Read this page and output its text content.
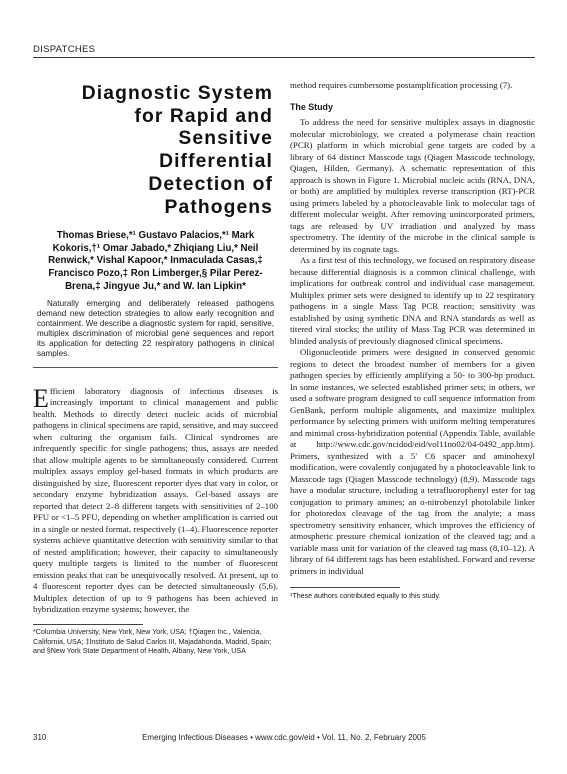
DISPATCHES
Diagnostic System
for Rapid and
Sensitive
Differential
Detection of
Pathogens
Thomas Briese,*¹ Gustavo Palacios,*¹ Mark Kokoris,†¹ Omar Jabado,* Zhiqiang Liu,* Neil Renwick,* Vishal Kapoor,* Inmaculada Casas,‡ Francisco Pozo,‡ Ron Limberger,§ Pilar Perez-Brena,‡ Jingyue Ju,* and W. Ian Lipkin*
Naturally emerging and deliberately released pathogens demand new detection strategies to allow early recognition and containment. We describe a diagnostic system for rapid, sensitive, multiplex discrimination of microbial gene sequences and report its application for detecting 22 respiratory pathogens in clinical samples.

Efficient laboratory diagnosis of infectious diseases is increasingly important to clinical management and public health. Methods to directly detect nucleic acids of microbial pathogens in clinical specimens are rapid, sensitive, and may succeed when culturing the organism fails. Clinical syndromes are infrequently specific for single pathogens; thus, assays are needed that allow multiple agents to be simultaneously considered. Current multiplex assays employ gel-based formats in which products are distinguished by size, fluorescent reporter dyes that vary in color, or secondary enzyme hybridization assays. Gel-based assays are reported that detect 2–8 different targets with sensitivities of 2–100 PFU or <1–5 PFU, depending on whether amplification is carried out in a single or nested format, respectively (1–4). Fluorescence reporter systems achieve quantitative detection with sensitivity similar to that of nested amplification; however, their capacity to simultaneously query multiple targets is limited to the number of fluorescent emission peaks that can be unequivocally resolved. At present, up to 4 fluorescent reporter dyes can be detected simultaneously (5,6). Multiplex detection of up to 9 pathogens has been achieved in hybridization enzyme systems; however, the

*Columbia University, New York, New York, USA; †Qiagen Inc., Valencia, California, USA; ‡Instituto de Salud Carlos III, Majadahonda, Madrid, Spain; and §New York State Department of Health, Albany, New York, USA

method requires cumbersome postamplification processing (7).

The Study

To address the need for sensitive multiplex assays in diagnostic molecular microbiology, we created a polymerase chain reaction (PCR) platform in which microbial gene targets are coded by a library of 64 distinct Masscode tags (Qiagen Masscode technology, Qiagen, Hilden, Germany). A schematic representation of this approach is shown in Figure 1. Microbial nucleic acids (RNA, DNA, or both) are amplified by multiplex reverse transcription (RT)-PCR using primers labeled by a photocleavable link to molecular tags of different molecular weight. After removing unincorporated primers, tags are released by UV irradiation and analyzed by mass spectrometry. The identity of the microbe in the clinical sample is determined by its cognate tags.

As a first test of this technology, we focused on respiratory disease because differential diagnosis is a common clinical challenge, with implications for outbreak control and individual case management. Multiplex primer sets were designed to identify up to 22 respiratory pathogens in a single Mass Tag PCR reaction; sensitivity was established by using synthetic DNA and RNA standards as well as titered viral stocks; the utility of Mass Tag PCR was determined in blinded analysis of previously diagnosed clinical specimens.

Oligonucleotide primers were designed in conserved genomic regions to detect the broadest number of members for a given pathogen species by efficiently amplifying a 50- to 300-bp product. In some instances, we selected established primer sets; in others, we used a software program designed to cull sequence information from GenBank, perform multiple alignments, and maximize multiplex performance by selecting primers with uniform melting temperatures and minimal cross-hybridization potential (Appendix Table, available at http://www.cdc.gov/ncidod/eid/vol11no02/04-0492_app.htm). Primers, synthesized with a 5′ C6 spacer and aminohexyl modification, were covalently conjugated by a photocleavable link to Masscode tags (Qiagen Masscode technology) (8,9). Masscode tags have a modular structure, including a tetrafluorophenyl ester for tag conjugation to primary amines; an o-nitrobenzyl photolabile linker for photoredox cleavage of the tag from the analyte; a mass spectrometry sensitivity enhancer, which improves the efficiency of atmospheric pressure chemical ionization of the cleaved tag; and a variable mass unit for variation of the cleaved tag mass (8,10–12). A library of 64 different tags has been established. Forward and reverse primers in individual

¹These authors contributed equally to this study.
310	Emerging Infectious Diseases • www.cdc.gov/eid • Vol. 11, No. 2, February 2005
